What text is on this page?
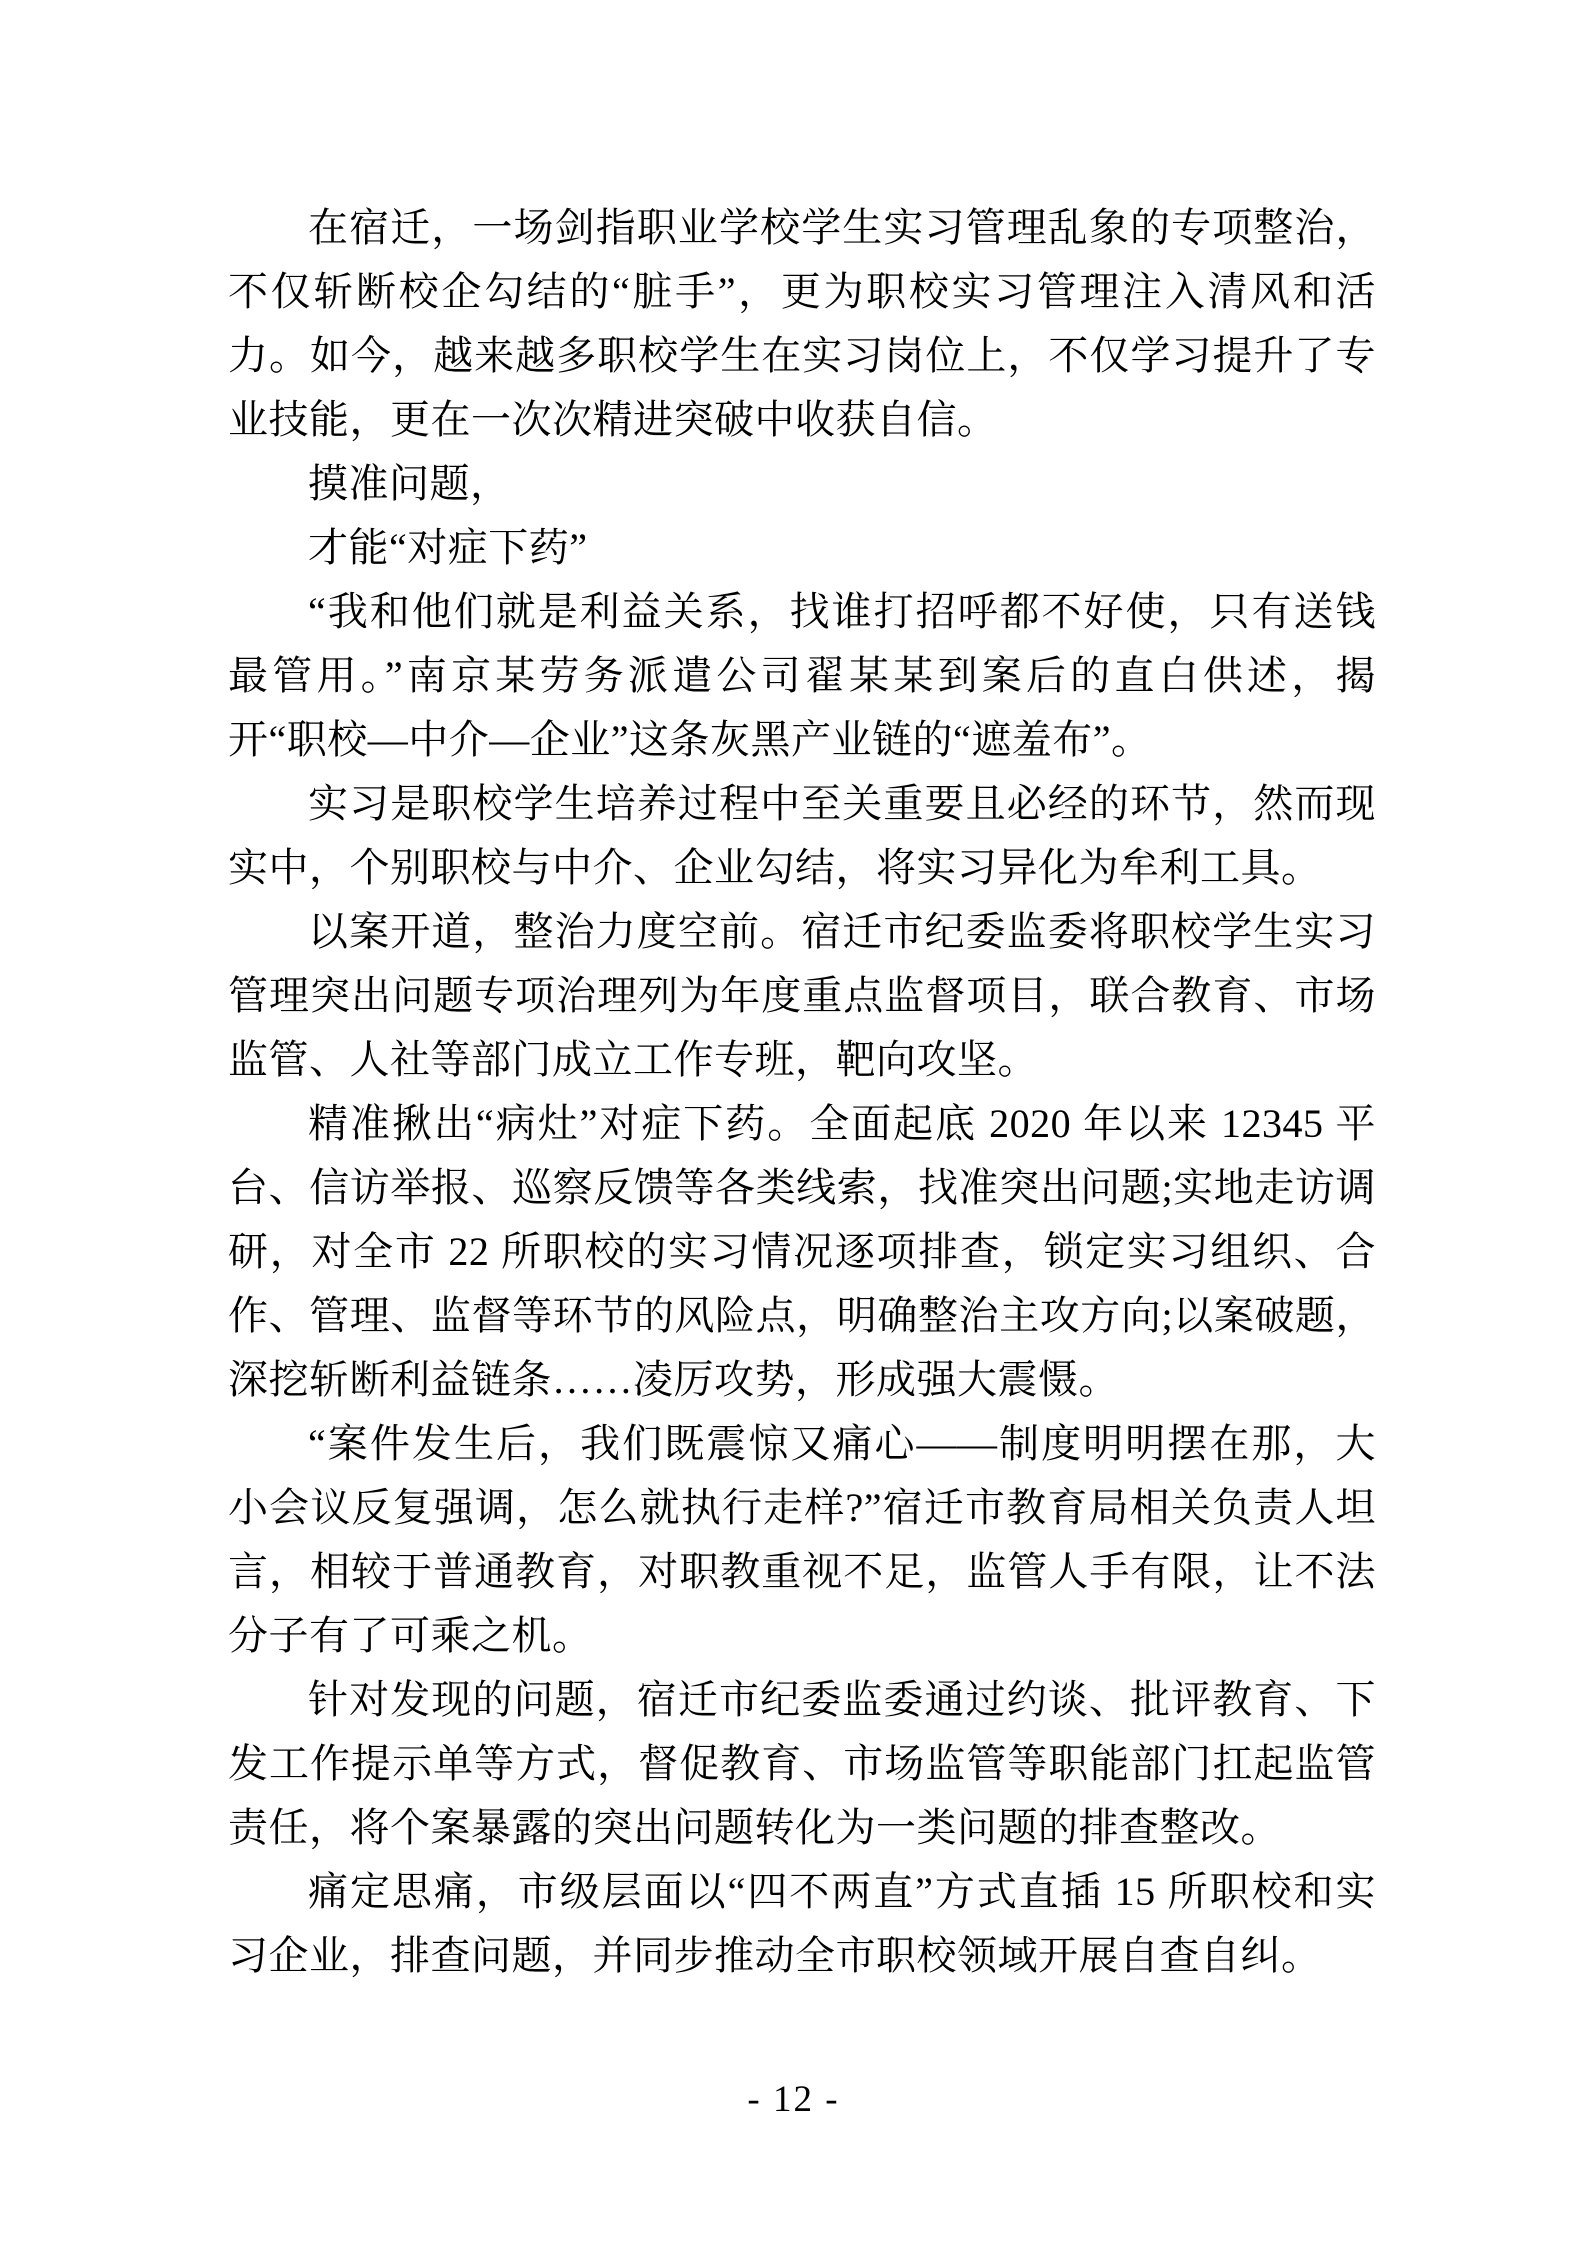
在宿迁，一场剑指职业学校学生实习管理乱象的专项整治，不仅斩断校企勾结的“脏手”，更为职校实习管理注入清风和活力。如今，越来越多职校学生在实习岗位上，不仅学习提升了专业技能，更在一次次精进突破中收获自信。

摸准问题，

才能“对症下药”

“我和他们就是利益关系，找谁打招呼都不好使，只有送钱最管用。”南京某劳务派遣公司翟某某到案后的直白供述，揭开“职校—中介—企业”这条灰黑产业链的“遮羞布”。

实习是职校学生培养过程中至关重要且必经的环节，然而现实中，个别职校与中介、企业勾结，将实习异化为牟利工具。

以案开道，整治力度空前。宿迁市纪委监委将职校学生实习管理突出问题专项治理列为年度重点监督项目，联合教育、市场监管、人社等部门成立工作专班，靶向攻坚。

精准揪出“病灶”对症下药。全面起底 2020 年以来 12345 平台、信访举报、巡察反馈等各类线索，找准突出问题;实地走访调研，对全市 22 所职校的实习情况逐项排查，锁定实习组织、合作、管理、监督等环节的风险点，明确整治主攻方向;以案破题，深挖斩断利益链条……凌厉攻势，形成强大震慑。

“案件发生后，我们既震惊又痛心——制度明明摆在那，大小会议反复强调，怎么就执行走样?”宿迁市教育局相关负责人坦言，相较于普通教育，对职教重视不足，监管人手有限，让不法分子有了可乘之机。

针对发现的问题，宿迁市纪委监委通过约谈、批评教育、下发工作提示单等方式，督促教育、市场监管等职能部门扛起监管责任，将个案暴露的突出问题转化为一类问题的排查整改。

痛定思痛，市级层面以“四不两直”方式直插 15 所职校和实习企业，排查问题，并同步推动全市职校领域开展自查自纠。

- 12 -
